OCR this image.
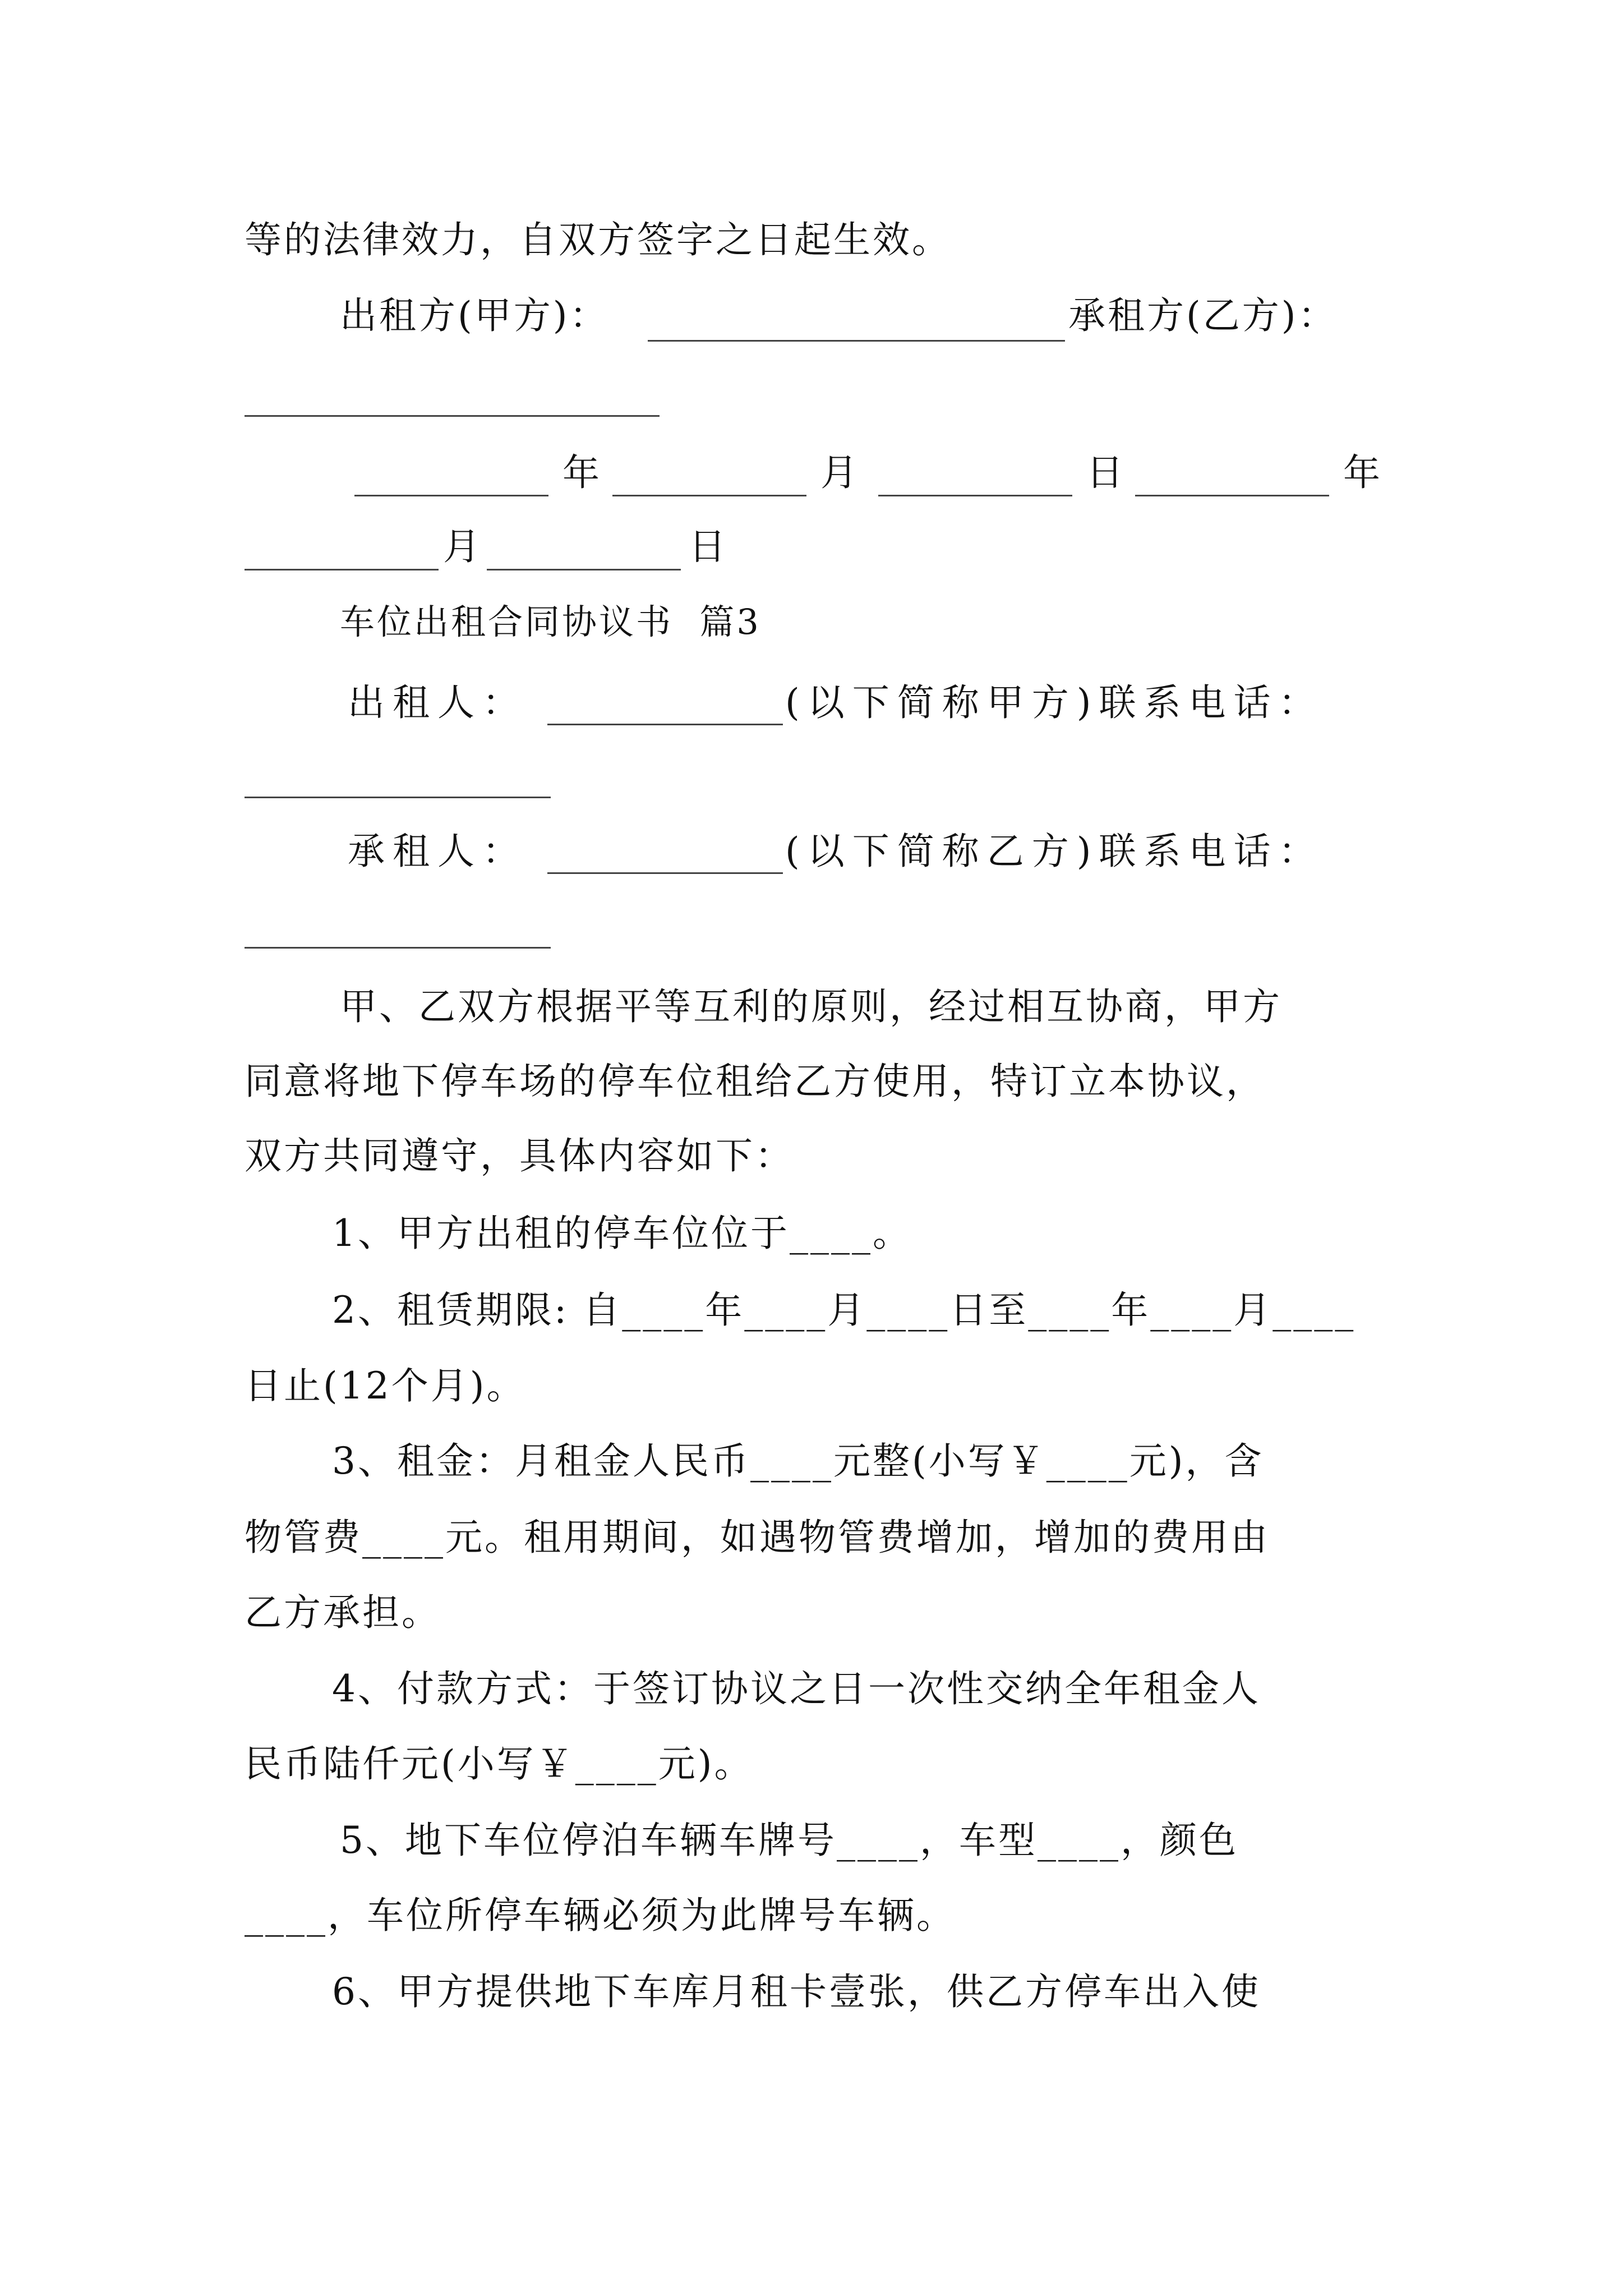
等的法律效力，自双方签字之日起生效。
出租方(甲方)：	承租方(乙方)：
年	月	日	年
月	日
车位出租合同协议书  篇3
出租人：	(以下简称甲方)联系电话：
承租人：	(以下简称乙方)联系电话：
甲、乙双方根据平等互利的原则，经过相互协商，甲方
同意将地下停车场的停车位租给乙方使用，特订立本协议，
双方共同遵守，具体内容如下：
1、甲方出租的停车位位于____。
2、租赁期限: 自____年____月____日至____年____月____
日止(12个月)。
3、租金：月租金人民币____元整(小写￥____元)，含
物管费____元。租用期间，如遇物管费增加，增加的费用由
乙方承担。
4、付款方式：于签订协议之日一次性交纳全年租金人
民币陆仟元(小写￥____元)。
5、地下车位停泊车辆车牌号____，车型____，颜色
____，车位所停车辆必须为此牌号车辆。
6、甲方提供地下车库月租卡壹张，供乙方停车出入使
